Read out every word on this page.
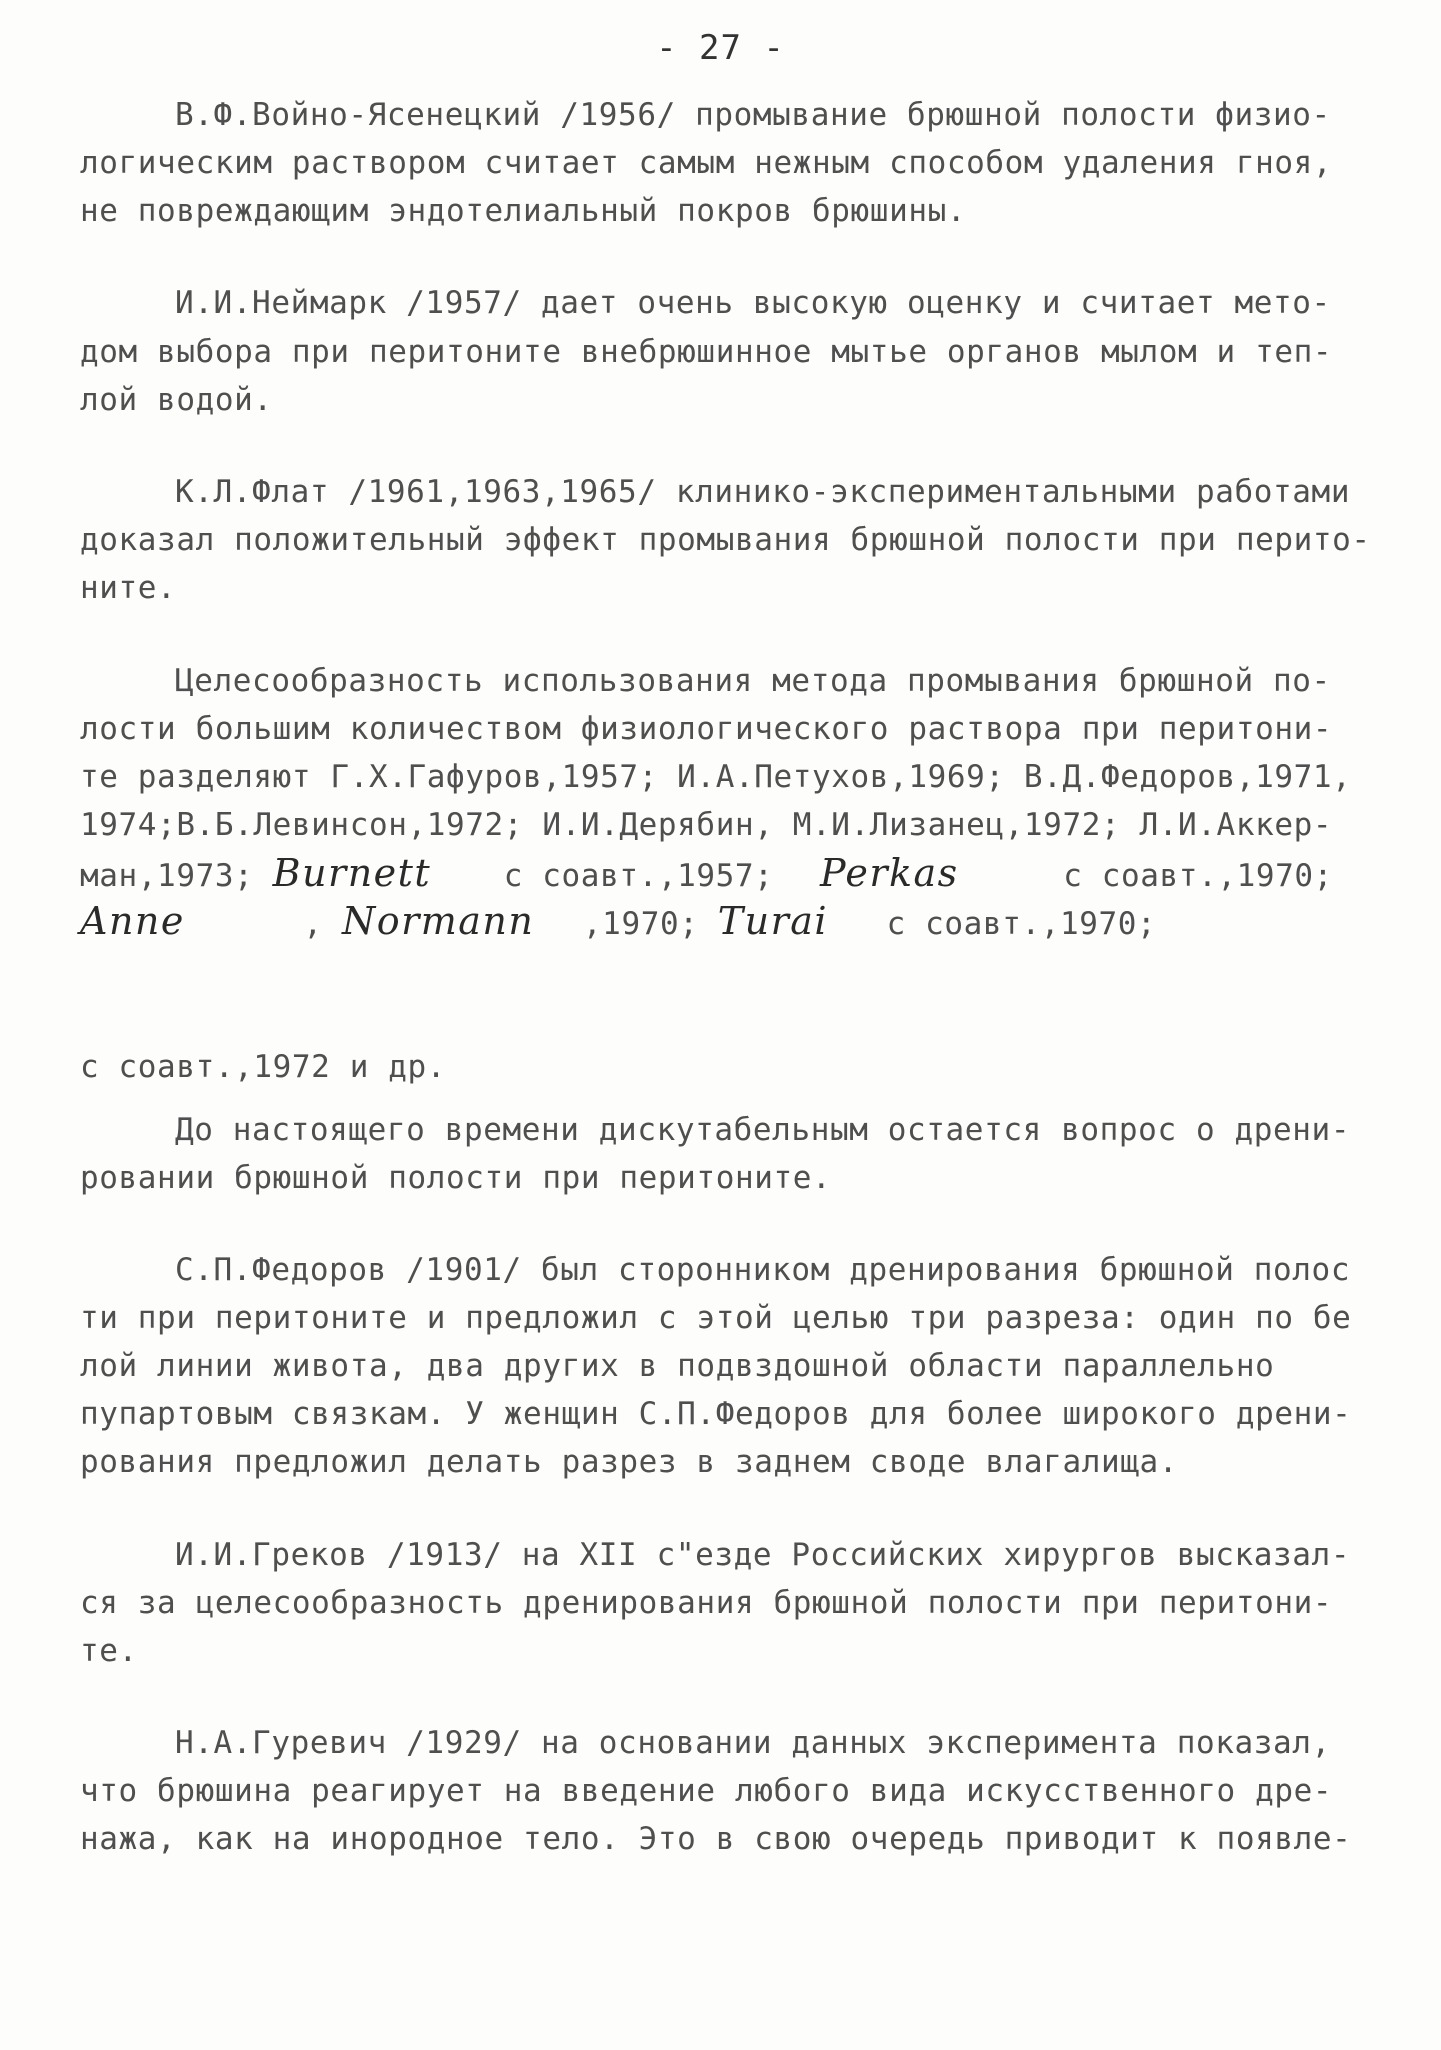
- 27 -
В.Ф.Войно-Ясенецкий /1956/ промывание брюшной полости физио-
логическим раствором считает самым нежным способом удаления гноя,
не повреждающим эндотелиальный покров брюшины.
И.И.Неймарк /1957/ дает очень высокую оценку и считает мето-
дом выбора при перитоните внебрюшинное мытье органов мылом и теп-
лой водой.
К.Л.Флат /1961,1963,1965/ клинико-экспериментальными работами
доказал положительный эффект промывания брюшной полости при перито-
ните.
Целесообразность использования метода промывания брюшной по-
лости большим количеством физиологического раствора при перитони-
те разделяют Г.Х.Гафуров,1957; И.А.Петухов,1969; В.Д.Федоров,1971,
1974;В.Б.Левинсон,1972; И.И.Дерябин, М.И.Лизанец,1972; Л.И.Аккер-
ман,1973; Burnett с соавт.,1957; Perkas	с соавт.,1970;
Anne	, Normann ,1970; Turai с соавт.,1970;
с соавт.,1972 и др.
До настоящего времени дискутабельным остается вопрос о дрени-
ровании брюшной полости при перитоните.
С.П.Федоров /1901/ был сторонником дренирования брюшной полос
ти при перитоните и предложил с этой целью три разреза: один по бе
лой линии живота, два других в подвздошной области параллельно
пупартовым связкам. У женщин С.П.Федоров для более широкого дрени-
рования предложил делать разрез в заднем своде влагалища.
И.И.Греков /1913/ на XII с"езде Российских хирургов высказал-
ся за целесообразность дренирования брюшной полости при перитони-
те.
Н.А.Гуревич /1929/ на основании данных эксперимента показал,
что брюшина реагирует на введение любого вида искусственного дре-
нажа, как на инородное тело. Это в свою очередь приводит к появле-
